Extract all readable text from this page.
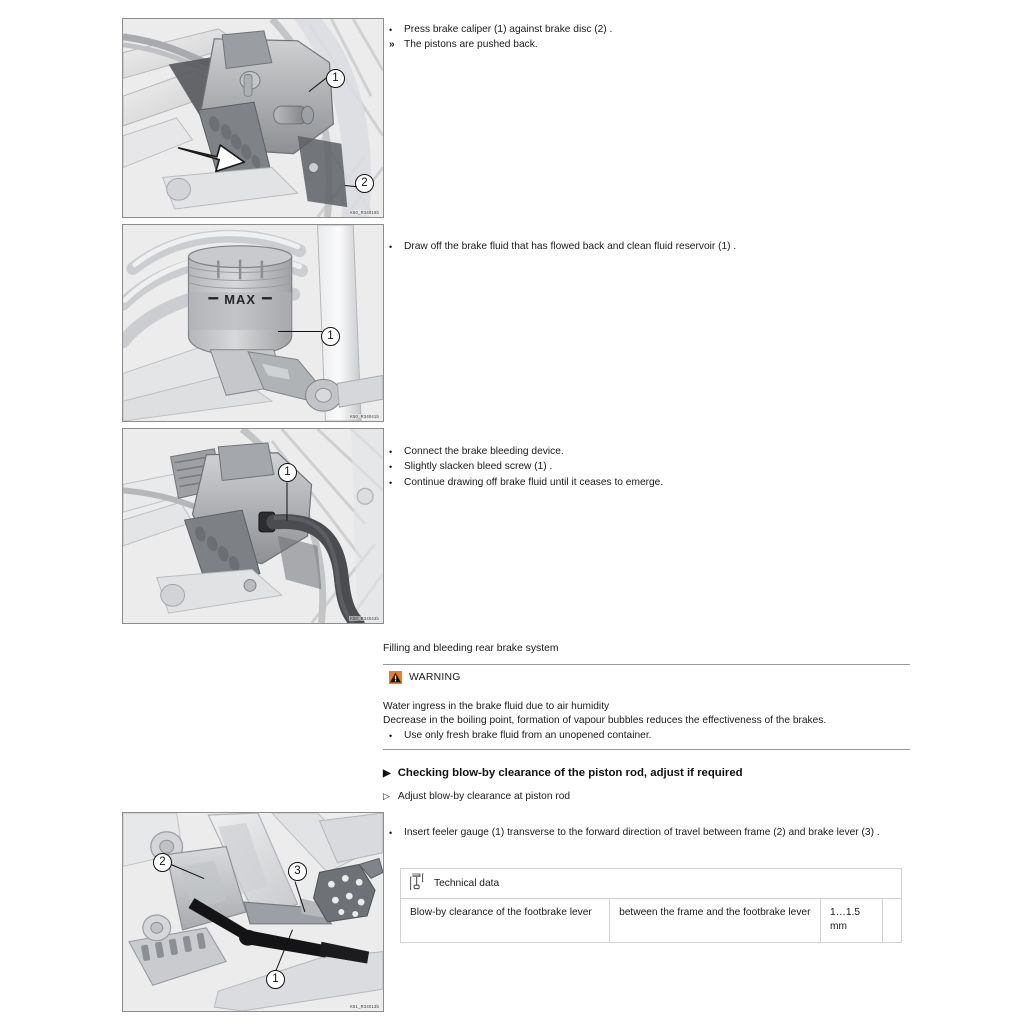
1
2
K50_R34019b
MAX
K50_R34041b
1
K50_R34043b
1
K51_R34013b
2
3
1
•
Press brake caliper (1) against brake disc (2) .
»
The pistons are pushed back.
•
Draw off the brake fluid that has flowed back and clean fluid reservoir (1) .
•
Connect the brake bleeding device.
•
Slightly slacken bleed screw (1) .
•
Continue drawing off brake fluid until it ceases to emerge.
Filling and bleeding rear brake system
WARNING
Water ingress in the brake fluid due to air humidity
Decrease in the boiling point, formation of vapour bubbles reduces the effectiveness of the brakes.
•
Use only fresh brake fluid from an unopened container.
▶ Checking blow-by clearance of the piston rod, adjust if required
▷ Adjust blow-by clearance at piston rod
•
Insert feeler gauge (1) transverse to the forward direction of travel between frame (2) and brake lever (3) .
Technical data
Blow-by clearance of the footbrake lever	between the frame and the footbrake lever	1…1.5 mm
